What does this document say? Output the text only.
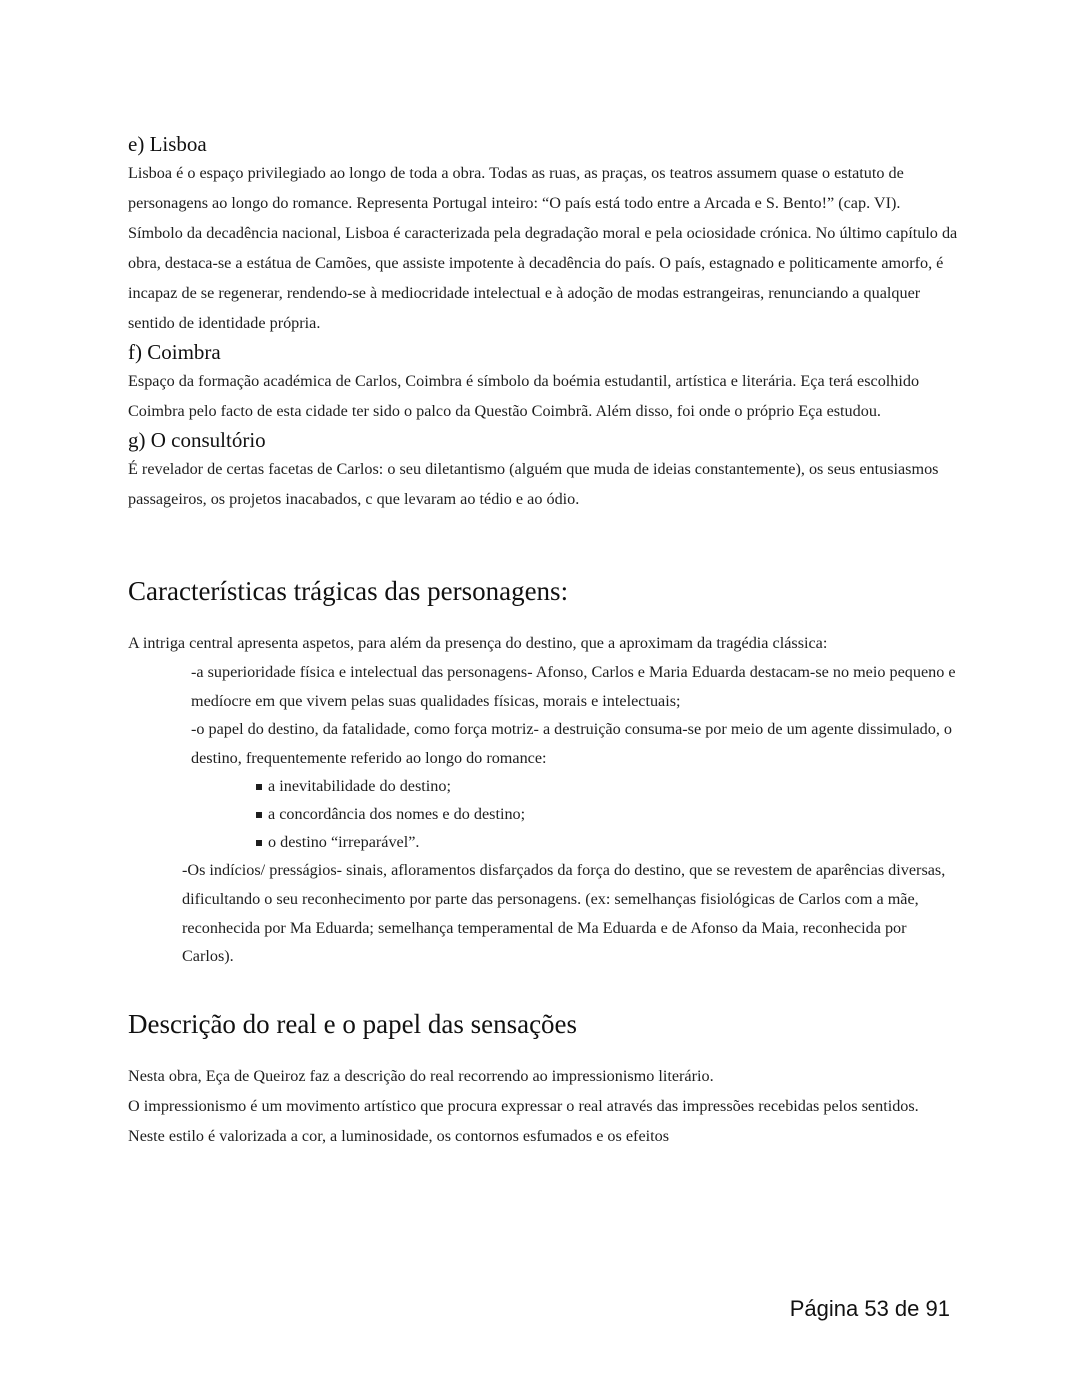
e) Lisboa

Lisboa é o espaço privilegiado ao longo de toda a obra. Todas as ruas, as praças, os teatros assumem quase o estatuto de personagens ao longo do romance. Representa Portugal inteiro: “O país está todo entre a Arcada e S. Bento!” (cap. VI). Símbolo da decadência nacional, Lisboa é caracterizada pela degradação moral e pela ociosidade crónica. No último capítulo da obra, destaca-se a estátua de Camões, que assiste impotente à decadência do país. O país, estagnado e politicamente amorfo, é incapaz de se regenerar, rendendo-se à mediocridade intelectual e à adoção de modas estrangeiras, renunciando a qualquer sentido de identidade própria.

f) Coimbra

Espaço da formação académica de Carlos, Coimbra é símbolo da boémia estudantil, artística e literária. Eça terá escolhido Coimbra pelo facto de esta cidade ter sido o palco da Questão Coimbrã. Além disso, foi onde o próprio Eça estudou.

g) O consultório

É revelador de certas facetas de Carlos: o seu diletantismo (alguém que muda de ideias constantemente), os seus entusiasmos passageiros, os projetos inacabados, c que levaram ao tédio e ao ódio.

Características trágicas das personagens:

A intriga central apresenta aspetos, para além da presença do destino, que a aproximam da tragédia clássica:

-a superioridade física e intelectual das personagens- Afonso, Carlos e Maria Eduarda destacam-se no meio pequeno e medíocre em que vivem pelas suas qualidades físicas, morais e intelectuais;

-o papel do destino, da fatalidade, como força motriz- a destruição consuma-se por meio de um agente dissimulado, o destino, frequentemente referido ao longo do romance:

a inevitabilidade do destino;
a concordância dos nomes e do destino;
o destino “irreparável”.

-Os indícios/ presságios- sinais, afloramentos disfarçados da força do destino, que se revestem de aparências diversas, dificultando o seu reconhecimento por parte das personagens. (ex: semelhanças fisiológicas de Carlos com a mãe, reconhecida por Ma Eduarda; semelhança temperamental de Ma Eduarda e de Afonso da Maia, reconhecida por Carlos).

Descrição do real e o papel das sensações

Nesta obra, Eça de Queiroz faz a descrição do real recorrendo ao impressionismo literário.

O impressionismo é um movimento artístico que procura expressar o real através das impressões recebidas pelos sentidos. Neste estilo é valorizada a cor, a luminosidade, os contornos esfumados e os efeitos

Página 53 de 91
